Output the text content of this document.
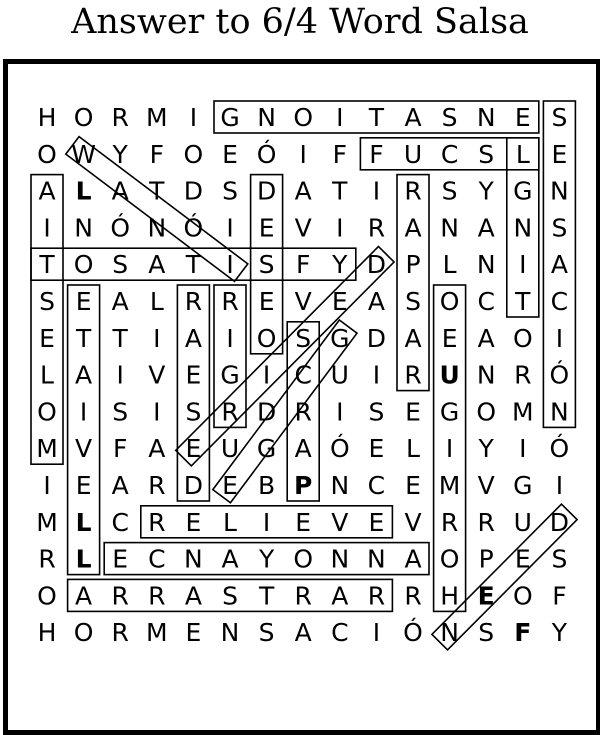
Answer to 6/4 Word Salsa
H O R M I G N O I T A S N E S
O W Y F O E Ó I F F U C S L E
A L A T D S D A T I R S Y G N
I N Ó N Ó I E V I R A N A N S
T O S A T I S F Y D P L N I A
S E A L R R E V E A S O C T C
E T T I A I O S G D A E A O I
L A I V E G I C U I R U N R Ó
O I S I S R D R I S E G O M N
M V F A E U G A Ó E L I Y I Ó
I E A R D E B P N C E M V G I
M L C R E L I E V E V R R U D
R L E C N A Y O N N A O P E S
O A R R A S T R A R R H E O F
H O R M E N S A C I Ó N S F Y
